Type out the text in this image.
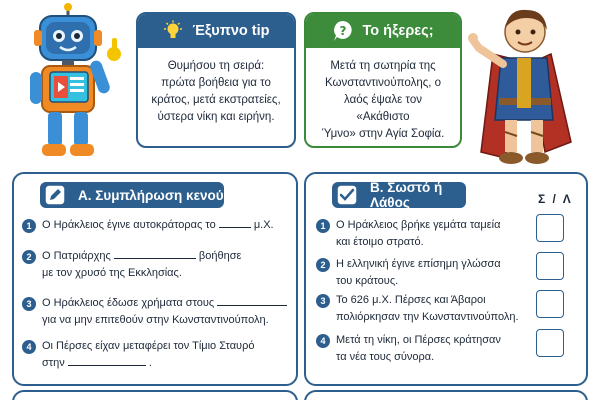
Έξυπνο tip
Θυμήσου τη σειρά:
πρώτα βοήθεια για το
κράτος, μετά εκστρατείες,
ύστερα νίκη και ειρήνη.
? Το ήξερες;
Μετά τη σωτηρία της
Κωνσταντινούπολης, ο
λαός έψαλε τον «Ακάθιστο
Ύμνο» στην Αγία Σοφία.
Α. Συμπλήρωση κενού
1 Ο Ηράκλειος έγινε αυτοκράτορας το	μ.Χ.
2 Ο Πατριάρχης	βοήθησε
με τον χρυσό της Εκκλησίας.
3 Ο Ηράκλειος έδωσε χρήματα στους
για να μην επιτεθούν στην Κωνσταντινούπολη.
4 Οι Πέρσες είχαν μεταφέρει τον Τίμιο Σταυρό
στην	.
Β. Σωστό ή Λάθος	Σ / Λ
1 Ο Ηράκλειος βρήκε γεμάτα ταμεία
και έτοιμο στρατό.
2 Η ελληνική έγινε επίσημη γλώσσα
του κράτους.
3 Το 626 μ.Χ. Πέρσες και Άβαροι
πολιόρκησαν την Κωνσταντινούπολη.
4 Μετά τη νίκη, οι Πέρσες κράτησαν
τα νέα τους σύνορα.
